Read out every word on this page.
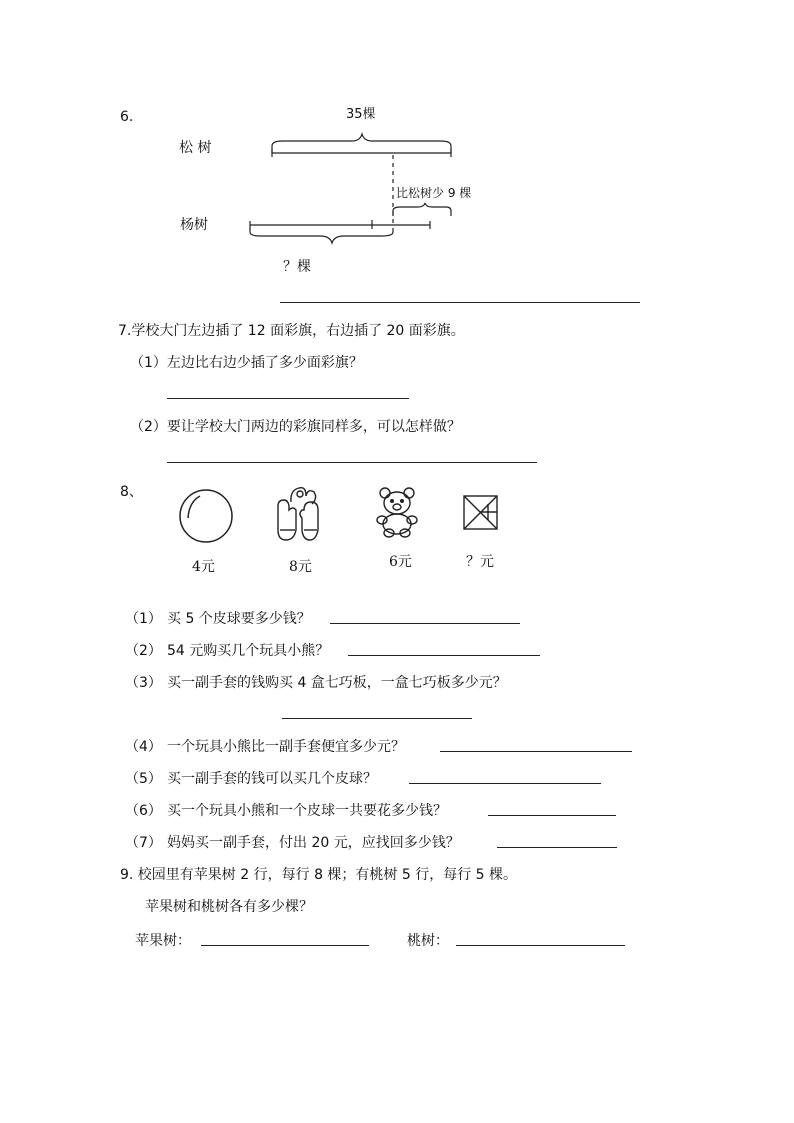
6.	35棵
松 树
杨树
比松树少 9 棵
？棵
7.学校大门左边插了 12 面彩旗，右边插了 20 面彩旗。
（1）左边比右边少插了多少面彩旗？
（2）要让学校大门两边的彩旗同样多，可以怎样做？
8、
4元	8元	6元	？元
（1） 买 5 个皮球要多少钱？
（2） 54 元购买几个玩具小熊？
（3） 买一副手套的钱购买 4 盒七巧板，一盒七巧板多少元？
（4） 一个玩具小熊比一副手套便宜多少元？
（5） 买一副手套的钱可以买几个皮球？
（6） 买一个玩具小熊和一个皮球一共要花多少钱？
（7） 妈妈买一副手套，付出 20 元，应找回多少钱？
9. 校园里有苹果树 2 行，每行 8 棵；有桃树 5 行，每行 5 棵。
苹果树和桃树各有多少棵？
苹果树：	桃树：
